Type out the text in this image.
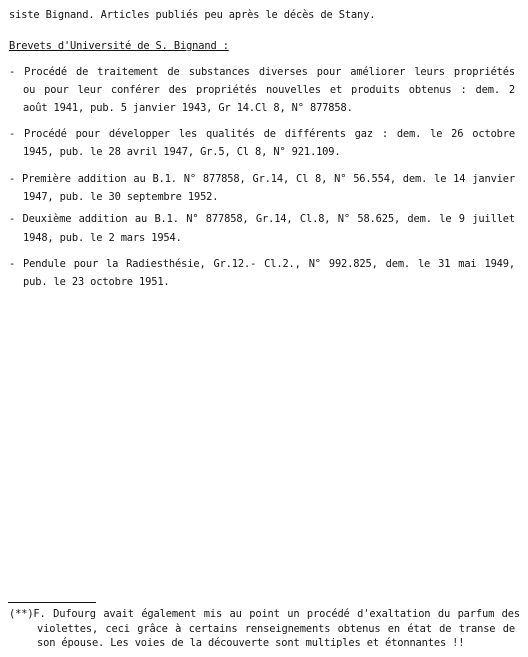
siste Bignand. Articles publiés peu après le décès de Stany.
Brevets d'Université de S. Bignand :
- Procédé de traitement de substances diverses pour améliorer leurs propriétés
ou pour leur conférer des propriétés nouvelles et produits obtenus : dem. 2
août 1941, pub. 5 janvier 1943, Gr 14.Cl 8, N° 877858.
- Procédé pour développer les qualités de différents gaz : dem. le 26 octobre
1945, pub. le 28 avril 1947, Gr.5, Cl 8, N° 921.109.
- Première addition au B.1. N° 877858, Gr.14, Cl 8, N° 56.554, dem. le 14 janvier
1947, pub. le 30 septembre 1952.
- Deuxième addition au B.1. N° 877858, Gr.14, Cl.8, N° 58.625, dem. le 9 juillet
1948, pub. le 2 mars 1954.
- Pendule pour la Radiesthésie, Gr.12.- Cl.2., N° 992.825, dem. le 31 mai 1949,
pub. le 23 octobre 1951.
(**)F. Dufourg avait également mis au point un procédé d'exaltation du parfum des
violettes, ceci grâce à certains renseignements obtenus en état de transe de
son épouse. Les voies de la découverte sont multiples et étonnantes !!
